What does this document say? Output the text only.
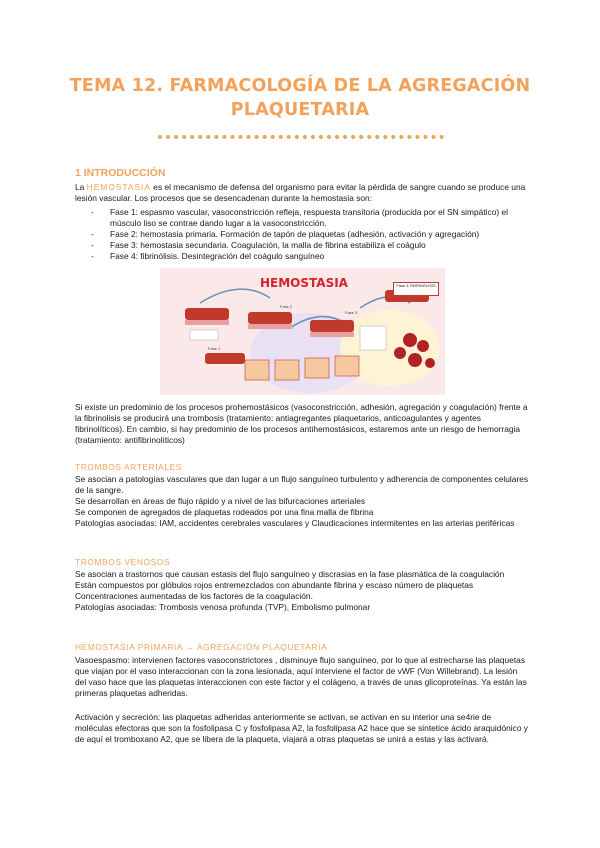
TEMA 12. FARMACOLOGÍA DE LA AGREGACIÓN PLAQUETARIA
1 INTRODUCCIÓN
La HEMOSTASIA es el mecanismo de defensa del organismo para evitar la pérdida de sangre cuando se produce una lesión vascular. Los procesos que se desencadenan durante la hemostasia son:
- Fase 1: espasmo vascular, vasoconstricción refleja, respuesta transitoria (producida por el SN simpático) el músculo liso se contrae dando lugar a la vasoconstricción.
- Fase 2: hemostasia primaria. Formación de tapón de plaquetas (adhesión, activación y agregación)
- Fase 3: hemostasia secundaria. Coagulación, la malla de fibrina estabiliza el coágulo
- Fase 4: fibrinólisis. Desintegración del coágulo sanguíneo
HEMOSTASIA	Fase 4 FIBRINÓLISIS
Fase 1
Fase 2
Fase 3
Si existe un predominio de los procesos prohemostásicos (vasoconstricción, adhesión, agregación y coagulación) frente a la fibrinolisis se producirá una trombosis (tratamiento: antiagregantes plaquetarios, anticoagulantes y agentes fibrinolíticos). En cambio, si hay predominio de los procesos antihemostásicos, estaremos ante un riesgo de hemorragia (tratamiento: antifibrinolíticos)
TROMBOS ARTERIALES
Se asocian a patologías vasculares que dan lugar a un flujo sanguíneo turbulento y adherencia de componentes celulares de la sangre.
Se desarrollan en áreas de flujo rápido y a nivel de las bifurcaciones arteriales
Se componen de agregados de plaquetas rodeados por una fina malla de fibrina
Patologías asociadas: IAM, accidentes cerebrales vasculares y Claudicaciones intermitentes en las arterias periféricas
TROMBOS VENOSOS
Se asocian a trastornos que causan estasis del flujo sanguíneo y discrasias en la fase plasmática de la coagulación
Están compuestos por glóbulos rojos entremezclados con abundante fibrina y escaso número de plaquetas
Concentraciones aumentadas de los factores de la coagulación.
Patologías asociadas: Trombosis venosa profunda (TVP), Embolismo pulmonar
HEMOSTASIA PRIMARIA → AGREGACIÓN PLAQUETARIA
Vasoespasmo: intervienen factores vasoconstrictores , disminuye flujo sanguíneo, por lo que al estrecharse las plaquetas que viajan por el vaso interaccionan con la zona lesionada, aquí interviene el factor de vWF (Von Willebrand). La lesión del vaso hace que las plaquetas interaccionen con este factor y el colágeno, a través de unas glicoproteínas. Ya están las primeras plaquetas adheridas.
Activación y secreción: las plaquetas adheridas anteriormente se activan, se activan en su interior una se4rie de moléculas efectoras que son la fosfolipasa C y fosfolipasa A2, la fosfolipasa A2 hace que se sintetice ácido araquidónico y de aquí el tromboxano A2, que se libera de la plaqueta, viajará a otras plaquetas se unirá a estas y las activará.
